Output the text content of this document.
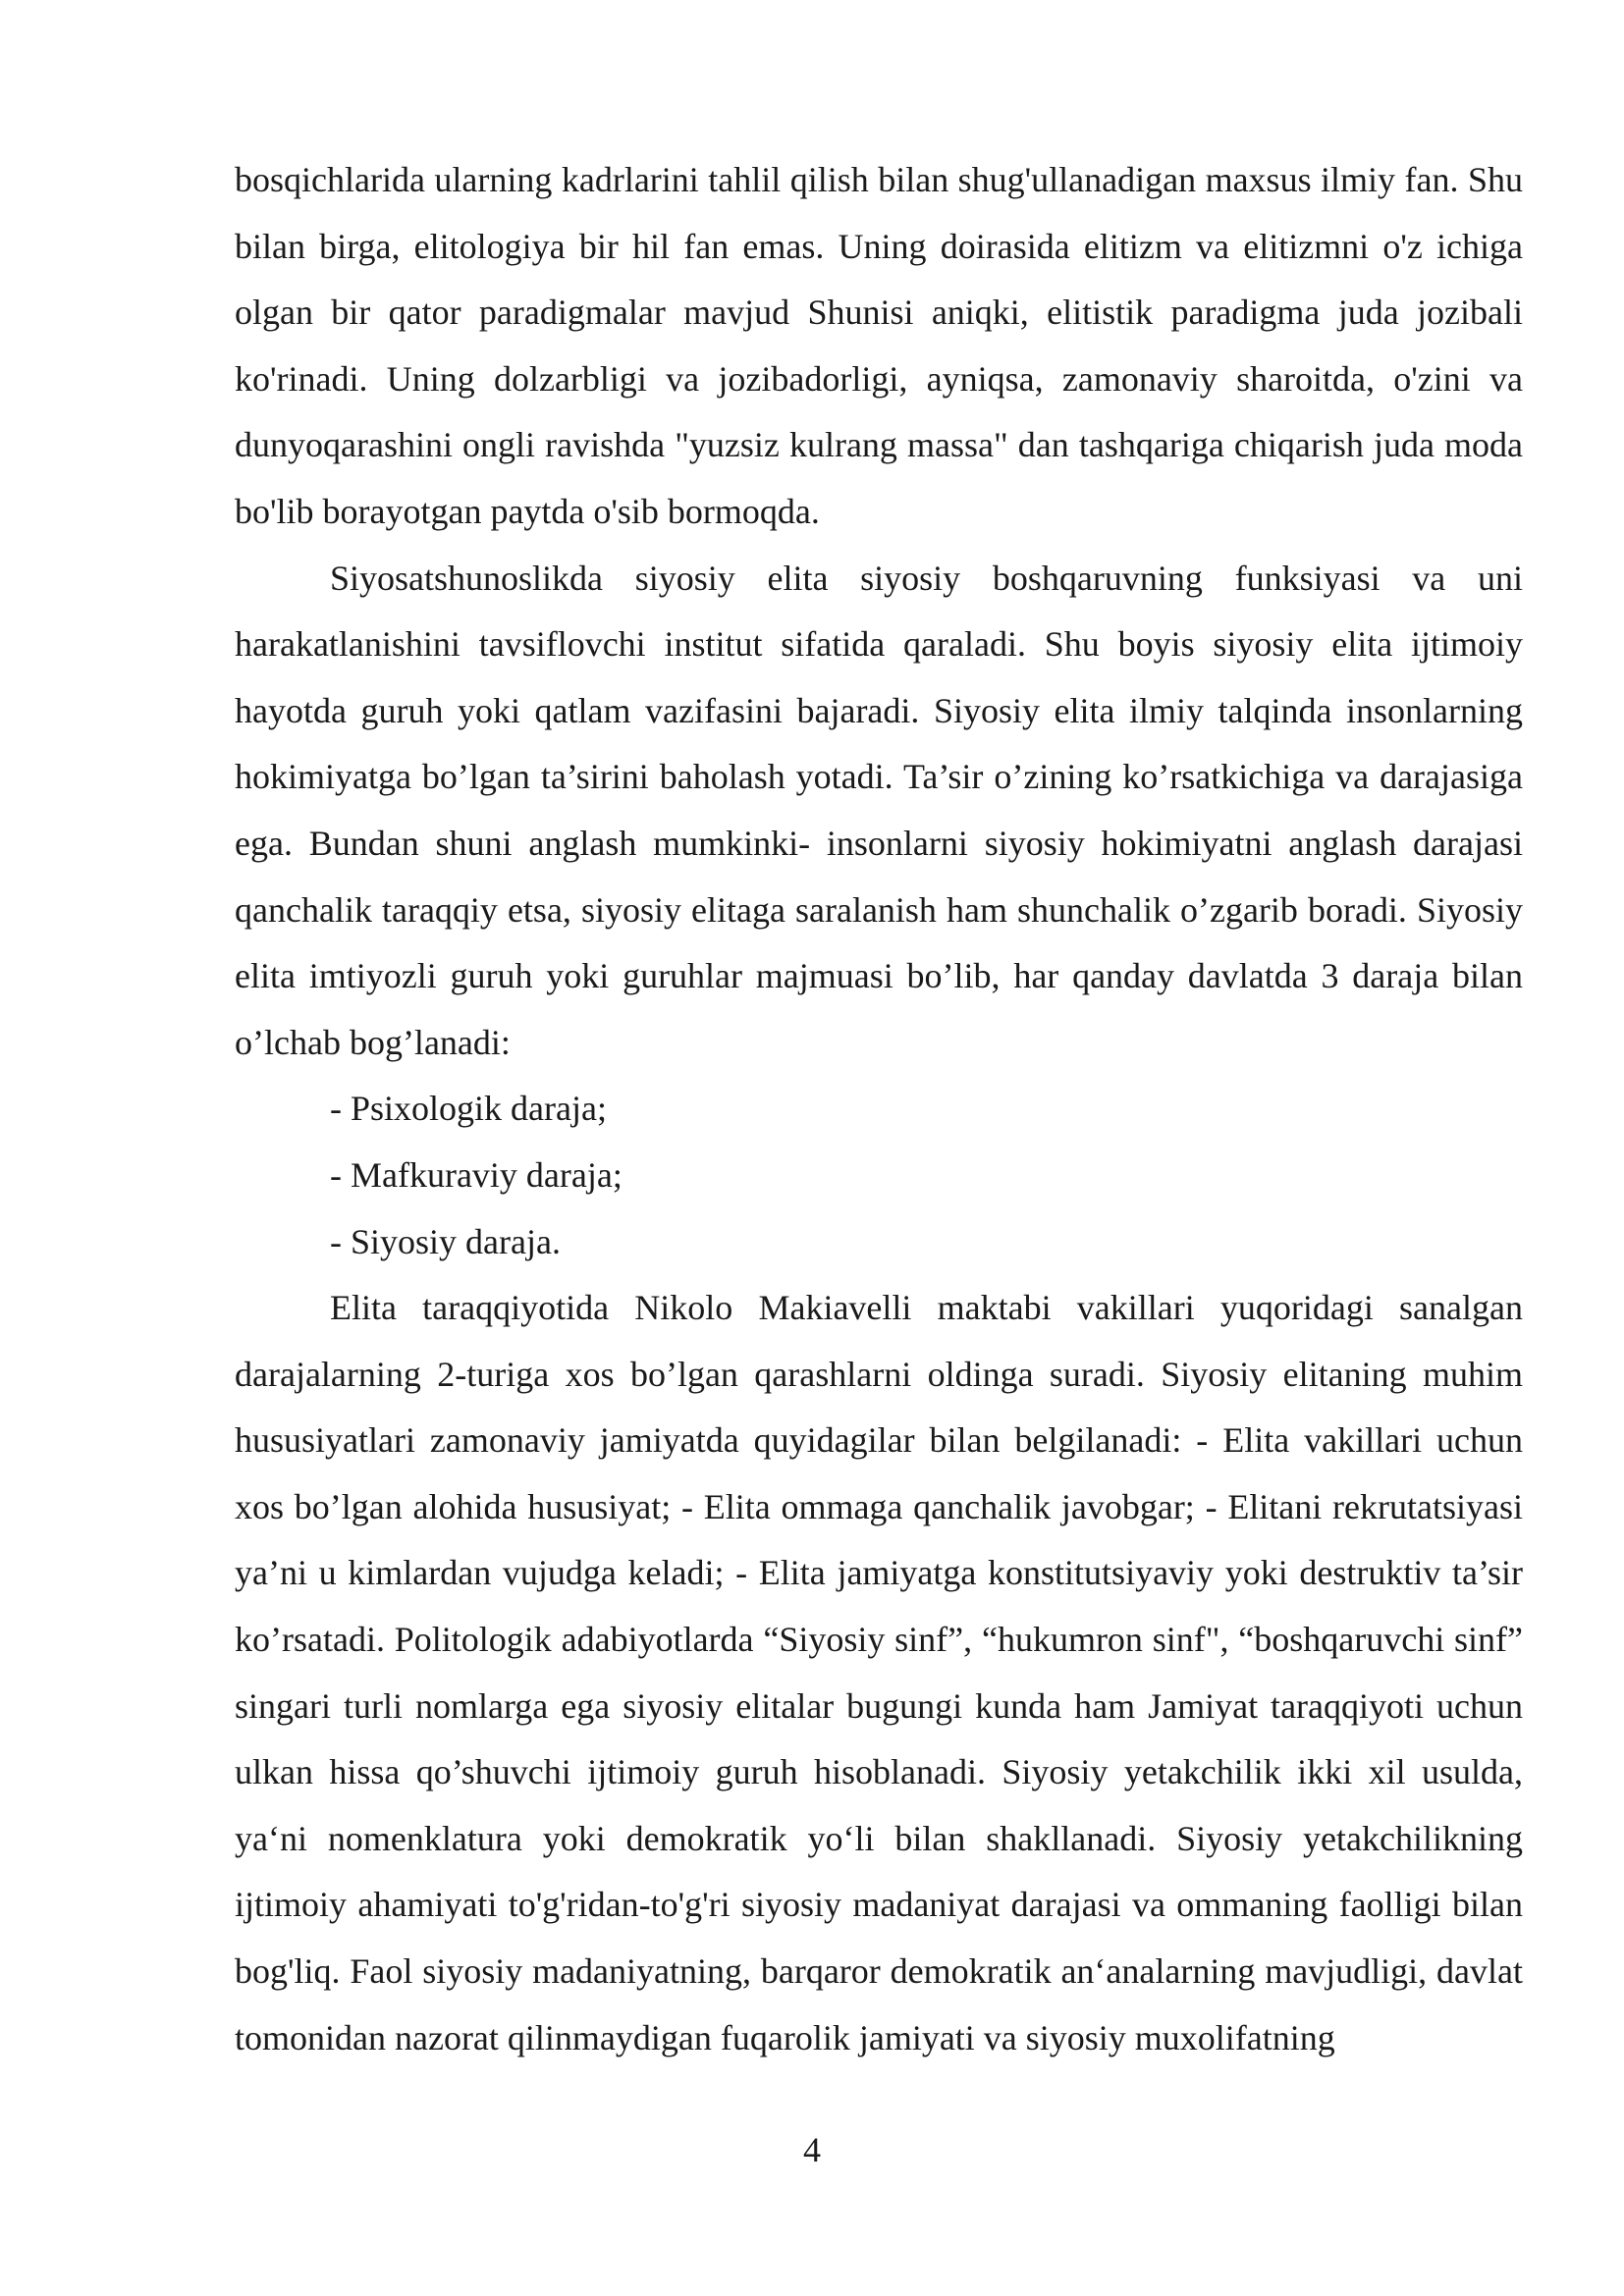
bosqichlarida ularning kadrlarini tahlil qilish bilan shug'ullanadigan maxsus ilmiy fan. Shu bilan birga, elitologiya bir hil fan emas. Uning doirasida elitizm va elitizmni o'z ichiga olgan bir qator paradigmalar mavjud Shunisi aniqki, elitistik paradigma juda jozibali ko'rinadi. Uning dolzarbligi va jozibadorligi, ayniqsa, zamonaviy sharoitda, o'zini va dunyoqarashini ongli ravishda "yuzsiz kulrang massa" dan tashqariga chiqarish juda moda bo'lib borayotgan paytda o'sib bormoqda.

Siyosatshunoslikda siyosiy elita siyosiy boshqaruvning funksiyasi va uni harakatlanishini tavsiflovchi institut sifatida qaraladi. Shu boyis siyosiy elita ijtimoiy hayotda guruh yoki qatlam vazifasini bajaradi. Siyosiy elita ilmiy talqinda insonlarning hokimiyatga bo’lgan ta’sirini baholash yotadi. Ta’sir o’zining ko’rsatkichiga va darajasiga ega. Bundan shuni anglash mumkinki- insonlarni siyosiy hokimiyatni anglash darajasi qanchalik taraqqiy etsa, siyosiy elitaga saralanish ham shunchalik o’zgarib boradi. Siyosiy elita imtiyozli guruh yoki guruhlar majmuasi bo’lib, har qanday davlatda 3 daraja bilan o’lchab bog’lanadi:

- Psixologik daraja;

- Mafkuraviy daraja;

- Siyosiy daraja.

Elita taraqqiyotida Nikolo Makiavelli maktabi vakillari yuqoridagi sanalgan darajalarning 2-turiga xos bo’lgan qarashlarni oldinga suradi. Siyosiy elitaning muhim hususiyatlari zamonaviy jamiyatda quyidagilar bilan belgilanadi: - Elita vakillari uchun xos bo’lgan alohida hususiyat; - Elita ommaga qanchalik javobgar; - Elitani rekrutatsiyasi ya’ni u kimlardan vujudga keladi; - Elita jamiyatga konstitutsiyaviy yoki destruktiv ta’sir ko’rsatadi. Politologik adabiyotlarda “Siyosiy sinf”, “hukumron sinf", “boshqaruvchi sinf” singari turli nomlarga ega siyosiy elitalar bugungi kunda ham Jamiyat taraqqiyoti uchun ulkan hissa qo’shuvchi ijtimoiy guruh hisoblanadi. Siyosiy yetakchilik ikki xil usulda, ya‘ni nomenklatura yoki demokratik yo‘li bilan shakllanadi. Siyosiy yetakchilikning ijtimoiy ahamiyati to'g'ridan-to'g'ri siyosiy madaniyat darajasi va ommaning faolligi bilan bog'liq. Faol siyosiy madaniyatning, barqaror demokratik an‘analarning mavjudligi, davlat tomonidan nazorat qilinmaydigan fuqarolik jamiyati va siyosiy muxolifatning

4
